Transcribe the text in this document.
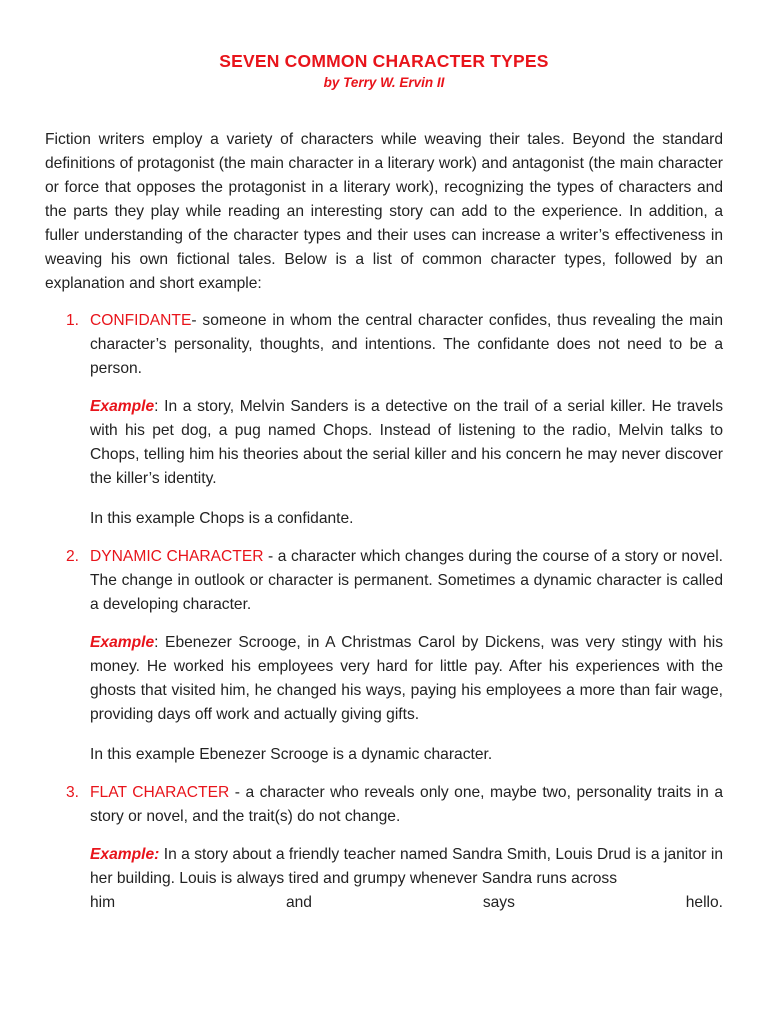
SEVEN COMMON CHARACTER TYPES

by Terry W. Ervin II

Fiction writers employ a variety of characters while weaving their tales. Beyond the standard definitions of protagonist (the main character in a literary work) and antagonist (the main character or force that opposes the protagonist in a literary work), recognizing the types of characters and the parts they play while reading an interesting story can add to the experience. In addition, a fuller understanding of the character types and their uses can increase a writer’s effectiveness in weaving his own fictional tales. Below is a list of common character types, followed by an explanation and short example:

1. CONFIDANTE- someone in whom the central character confides, thus revealing the main character’s personality, thoughts, and intentions. The confidante does not need to be a person.

Example: In a story, Melvin Sanders is a detective on the trail of a serial killer. He travels with his pet dog, a pug named Chops. Instead of listening to the radio, Melvin talks to Chops, telling him his theories about the serial killer and his concern he may never discover the killer’s identity.

In this example Chops is a confidante.

2. DYNAMIC CHARACTER - a character which changes during the course of a story or novel. The change in outlook or character is permanent. Sometimes a dynamic character is called a developing character.

Example: Ebenezer Scrooge, in A Christmas Carol by Dickens, was very stingy with his money. He worked his employees very hard for little pay. After his experiences with the ghosts that visited him, he changed his ways, paying his employees a more than fair wage, providing days off work and actually giving gifts.

In this example Ebenezer Scrooge is a dynamic character.

3. FLAT CHARACTER - a character who reveals only one, maybe two, personality traits in a story or novel, and the trait(s) do not change.

Example: In a story about a friendly teacher named Sandra Smith, Louis Drud is a janitor in her building. Louis is always tired and grumpy whenever Sandra runs across
him and says hello.
